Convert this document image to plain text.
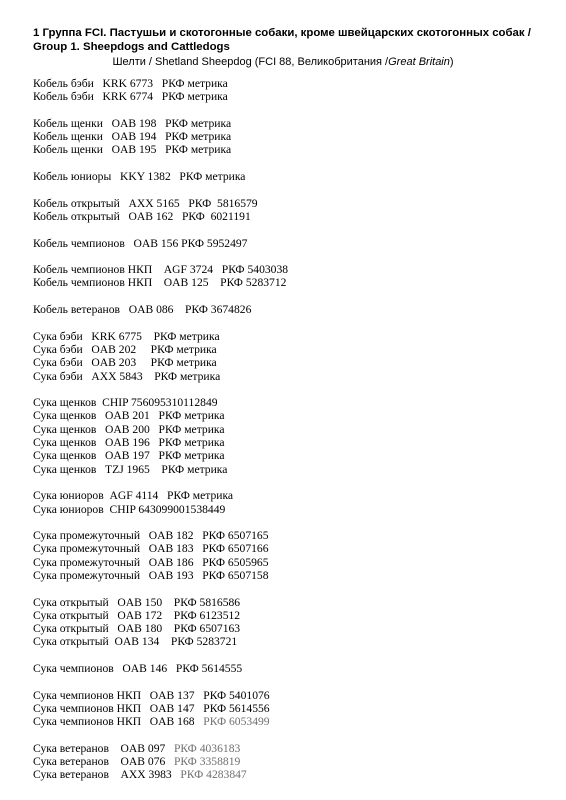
1 Группа FCI. Пастушьи и скотогонные собаки, кроме швейцарских скотогонных собак / Group 1. Sheepdogs and Cattledogs

Шелти / Shetland Sheepdog (FCI 88, Великобритания /Great Britain)

Кобель бэби   KRK 6773   РКФ метрика
Кобель бэби   KRK 6774   РКФ метрика
Кобель щенки   OAB 198   РКФ метрика
Кобель щенки   OAB 194   РКФ метрика
Кобель щенки   OAB 195   РКФ метрика
Кобель юниоры   KKY 1382   РКФ метрика
Кобель открытый   AXX 5165   РКФ  5816579
Кобель открытый   OAB 162   РКФ  6021191
Кобель чемпионов   OAB 156 РКФ 5952497
Кобель чемпионов НКП    AGF 3724   РКФ 5403038
Кобель чемпионов НКП    OAB 125    РКФ 5283712
Кобель ветеранов   OAB 086    РКФ 3674826
Сука бэби   KRK 6775    РКФ метрика
Сука бэби   OAB 202     РКФ метрика
Сука бэби   OAB 203     РКФ метрика
Сука бэби   AXX 5843    РКФ метрика
Сука щенков  CHIP 756095310112849
Сука щенков   OAB 201   РКФ метрика
Сука щенков   OAB 200   РКФ метрика
Сука щенков   OAB 196   РКФ метрика
Сука щенков   OAB 197   РКФ метрика
Сука щенков   TZJ 1965    РКФ метрика
Сука юниоров  AGF 4114   РКФ метрика
Сука юниоров  CHIP 643099001538449
Сука промежуточный   OAB 182   РКФ 6507165
Сука промежуточный   OAB 183   РКФ 6507166
Сука промежуточный   OAB 186   РКФ 6505965
Сука промежуточный   OAB 193   РКФ 6507158
Сука открытый   OAB 150    РКФ 5816586
Сука открытый   OAB 172    РКФ 6123512
Сука открытый   OAB 180    РКФ 6507163
Сука открытый  OAB 134    РКФ 5283721
Сука чемпионов   OAB 146   РКФ 5614555
Сука чемпионов НКП   OAB 137   РКФ 5401076
Сука чемпионов НКП   OAB 147   РКФ 5614556
Сука чемпионов НКП   OAB 168   РКФ 6053499
Сука ветеранов    OAB 097   РКФ 4036183
Сука ветеранов    OAB 076   РКФ 3358819
Сука ветеранов    AXX 3983   РКФ 4283847
